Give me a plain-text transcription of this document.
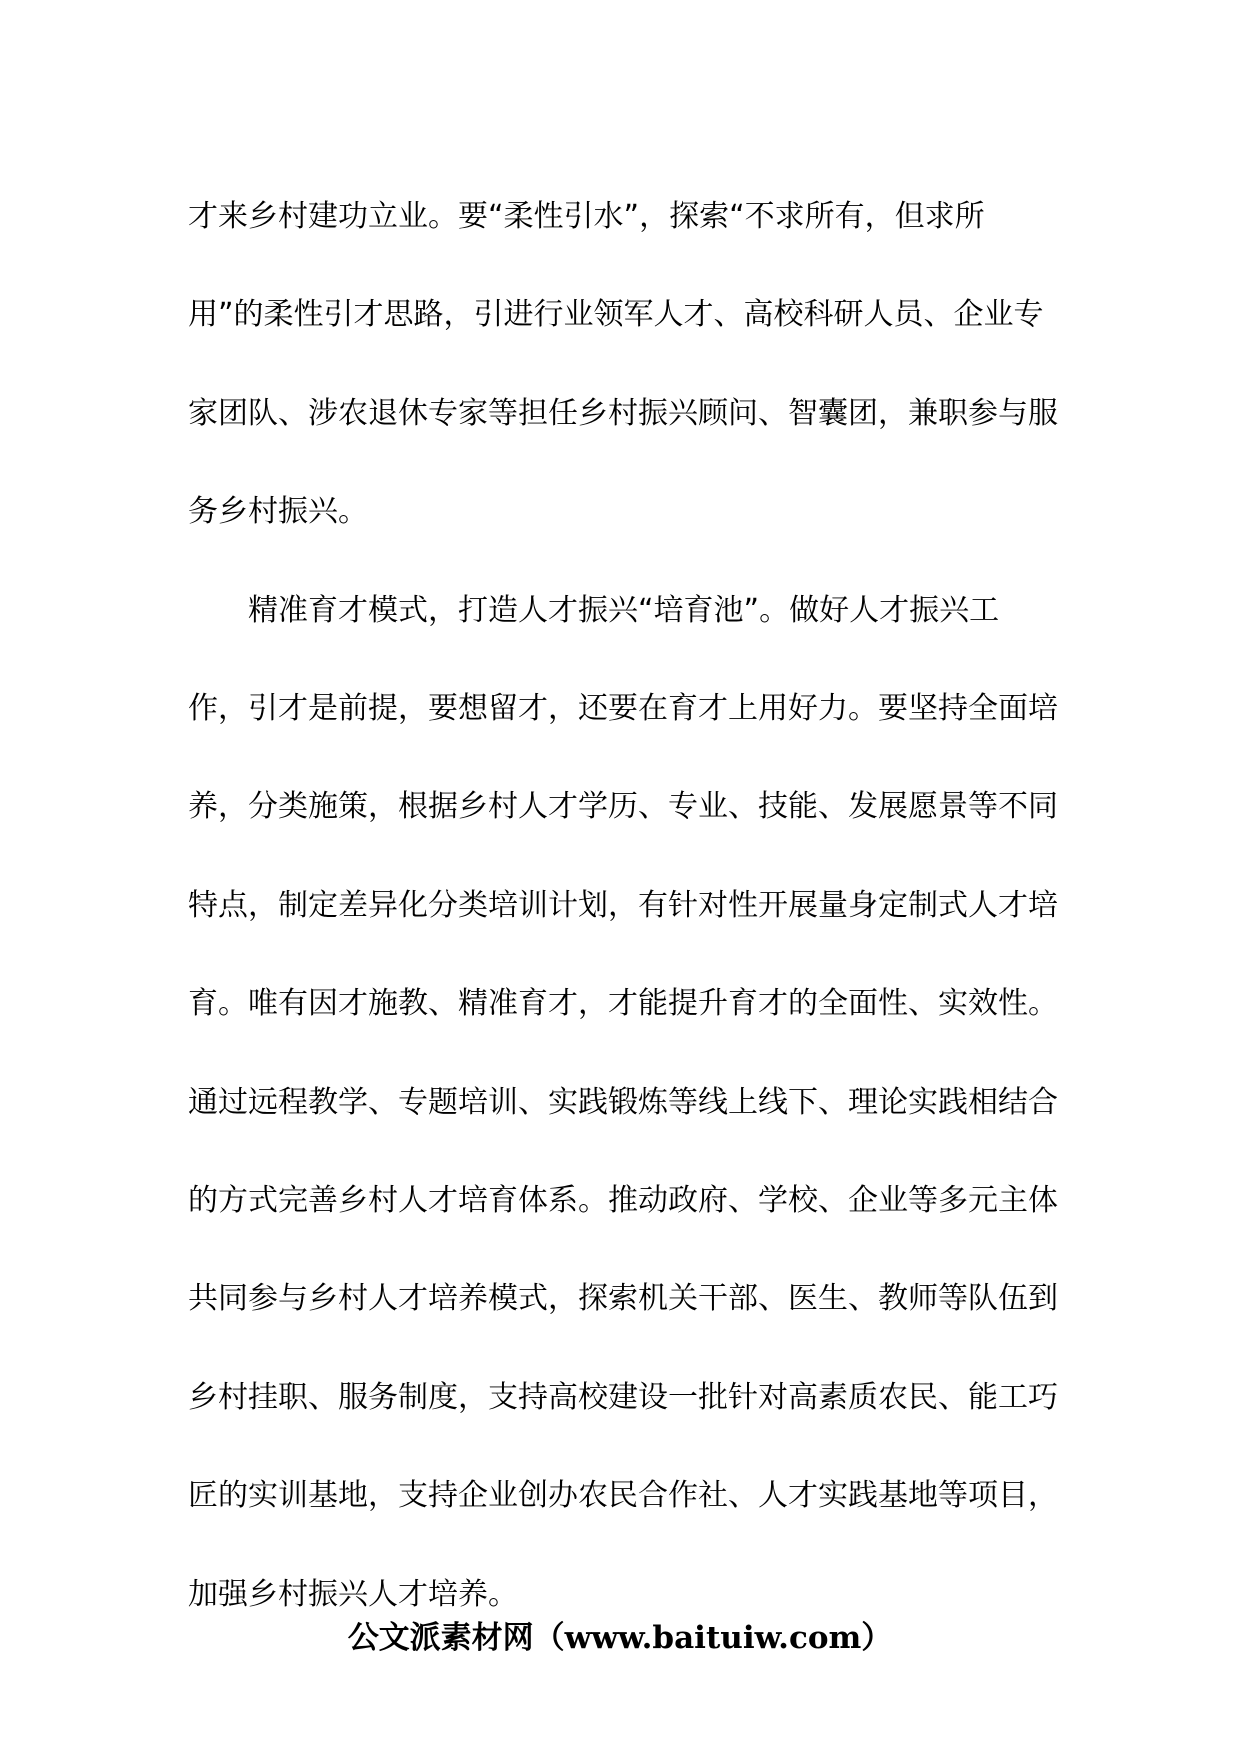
才来乡村建功立业。要“柔性引水”，探索“不求所有，但求所
用”的柔性引才思路，引进行业领军人才、高校科研人员、企业专
家团队、涉农退休专家等担任乡村振兴顾问、智囊团，兼职参与服
务乡村振兴。
精准育才模式，打造人才振兴“培育池”。做好人才振兴工
作，引才是前提，要想留才，还要在育才上用好力。要坚持全面培
养，分类施策，根据乡村人才学历、专业、技能、发展愿景等不同
特点，制定差异化分类培训计划，有针对性开展量身定制式人才培
育。唯有因才施教、精准育才，才能提升育才的全面性、实效性。
通过远程教学、专题培训、实践锻炼等线上线下、理论实践相结合
的方式完善乡村人才培育体系。推动政府、学校、企业等多元主体
共同参与乡村人才培养模式，探索机关干部、医生、教师等队伍到
乡村挂职、服务制度，支持高校建设一批针对高素质农民、能工巧
匠的实训基地，支持企业创办农民合作社、人才实践基地等项目，
加强乡村振兴人才培养。
公文派素材网（www.baituiw.com）
